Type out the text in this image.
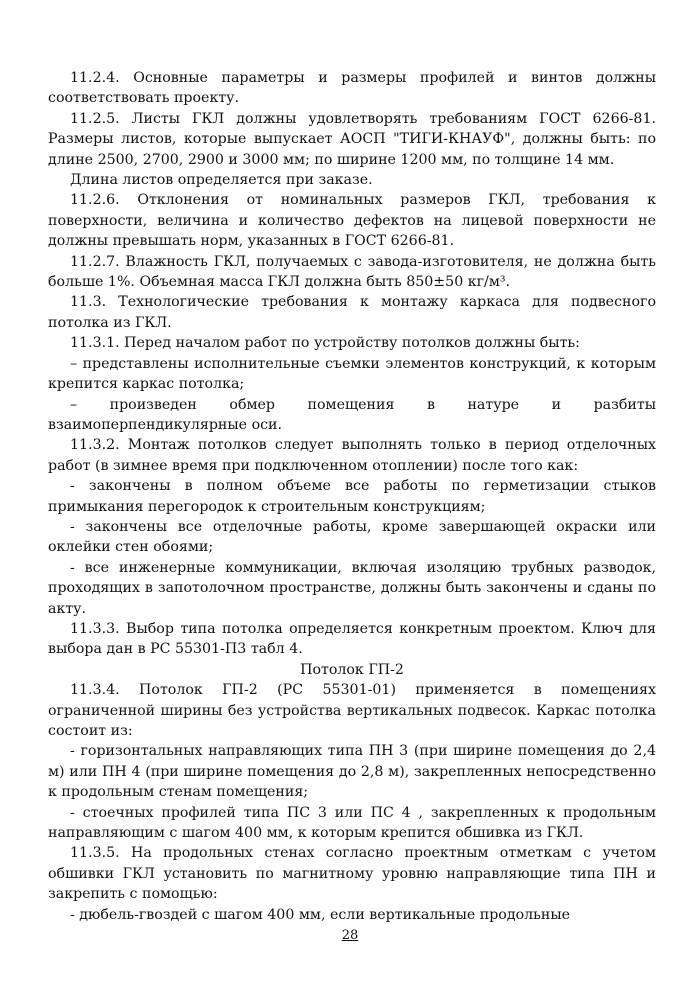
11.2.4. Основные параметры и размеры профилей и винтов должны соответствовать проекту.

11.2.5. Листы ГКЛ должны удовлетворять требованиям ГОСТ 6266-81. Размеры листов, которые выпускает АОСП "ТИГИ-КНАУФ", должны быть: по длине 2500, 2700, 2900 и 3000 мм; по ширине 1200 мм, по толщине 14 мм.

Длина листов определяется при заказе.

11.2.6. Отклонения от номинальных размеров ГКЛ, требования к поверхности, величина и количество дефектов на лицевой поверхности не должны превышать норм, указанных в ГОСТ 6266-81.

11.2.7. Влажность ГКЛ, получаемых с завода-изготовителя, не должна быть больше 1%. Объемная масса ГКЛ должна быть 850±50 кг/м³.

11.3. Технологические требования к монтажу каркаса для подвесного потолка из ГКЛ.

11.3.1. Перед началом работ по устройству потолков должны быть:

– представлены исполнительные съемки элементов конструкций, к которым крепится каркас потолка;

– произведен обмер помещения в натуре и разбиты взаимоперпендикулярные оси.

11.3.2. Монтаж потолков следует выполнять только в период отделочных работ (в зимнее время при подключенном отоплении) после того как:

- закончены в полном объеме все работы по герметизации стыков примыкания перегородок к строительным конструкциям;

- закончены все отделочные работы, кроме завершающей окраски или оклейки стен обоями;

- все инженерные коммуникации, включая изоляцию трубных разводок, проходящих в запотолочном пространстве, должны быть закончены и сданы по акту.

11.3.3. Выбор типа потолка определяется конкретным проектом. Ключ для выбора дан в РС 55301-П3 табл 4.

Потолок ГП-2

11.3.4. Потолок ГП-2 (РС 55301-01) применяется в помещениях ограниченной ширины без устройства вертикальных подвесок. Каркас потолка состоит из:

- горизонтальных направляющих типа ПН 3 (при ширине помещения до 2,4 м) или ПН 4 (при ширине помещения до 2,8 м), закрепленных непосредственно к продольным стенам помещения;

- стоечных профилей типа ПС 3 или ПС 4 , закрепленных к продольным направляющим с шагом 400 мм, к которым крепится обшивка из ГКЛ.

11.3.5. На продольных стенах согласно проектным отметкам с учетом обшивки ГКЛ установить по магнитному уровню направляющие типа ПН и закрепить с помощью:

- дюбель-гвоздей с шагом 400 мм, если вертикальные продольные

28
